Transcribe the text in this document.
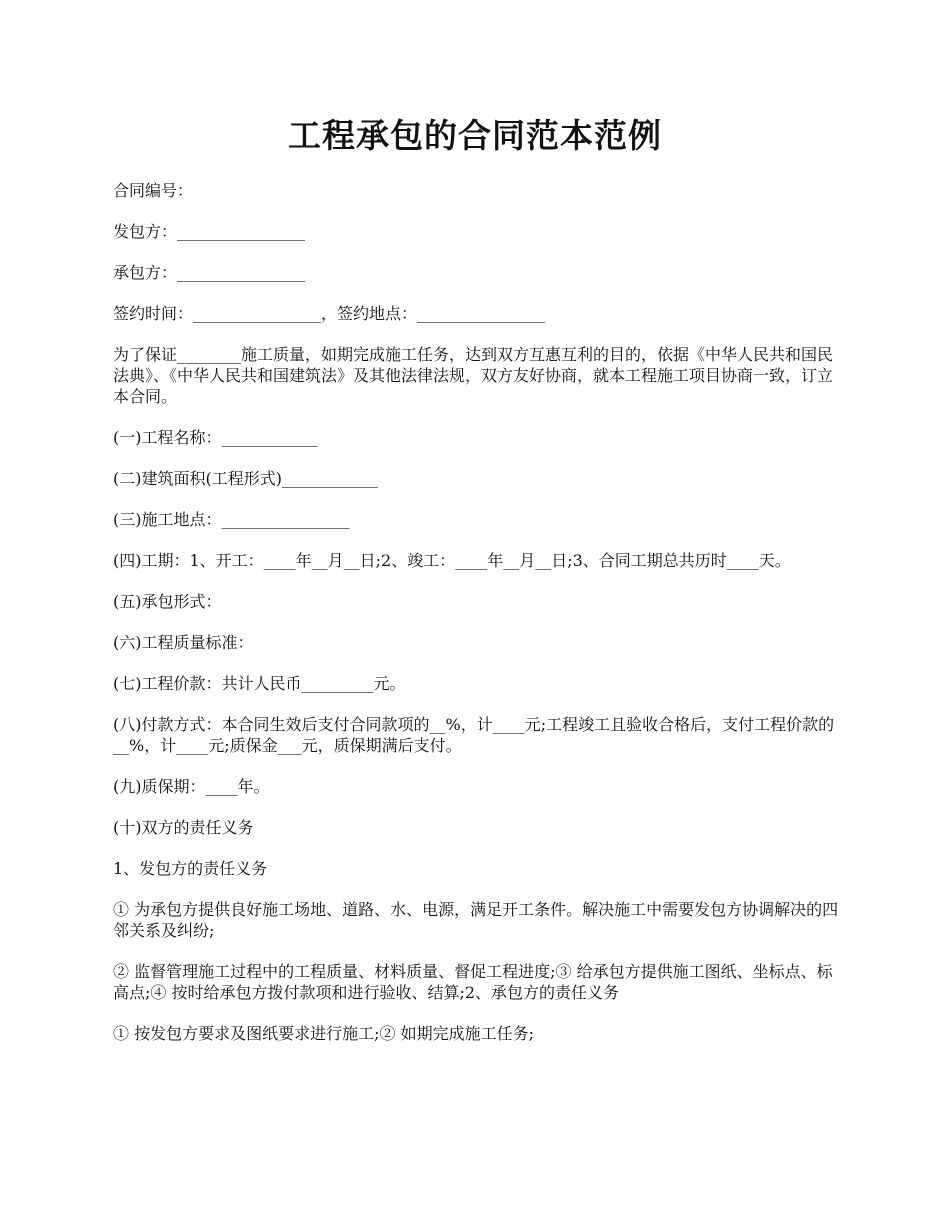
工程承包的合同范本范例

合同编号：

发包方：________________

承包方：________________

签约时间：________________，签约地点：________________

为了保证________施工质量，如期完成施工任务，达到双方互惠互利的目的，依据《中华人民共和国民法典》、《中华人民共和国建筑法》及其他法律法规，双方友好协商，就本工程施工项目协商一致，订立本合同。

(一)工程名称：____________

(二)建筑面积(工程形式)____________

(三)施工地点：________________

(四)工期：1、开工：____年__月__日;2、竣工：____年__月__日;3、合同工期总共历时____天。

(五)承包形式：

(六)工程质量标准：

(七)工程价款：共计人民币_________元。

(八)付款方式：本合同生效后支付合同款项的__%，计____元;工程竣工且验收合格后，支付工程价款的__%，计____元;质保金___元，质保期满后支付。

(九)质保期：____年。

(十)双方的责任义务

1、发包方的责任义务

① 为承包方提供良好施工场地、道路、水、电源，满足开工条件。解决施工中需要发包方协调解决的四邻关系及纠纷;

② 监督管理施工过程中的工程质量、材料质量、督促工程进度;③ 给承包方提供施工图纸、坐标点、标高点;④ 按时给承包方拨付款项和进行验收、结算;2、承包方的责任义务

① 按发包方要求及图纸要求进行施工;② 如期完成施工任务;
